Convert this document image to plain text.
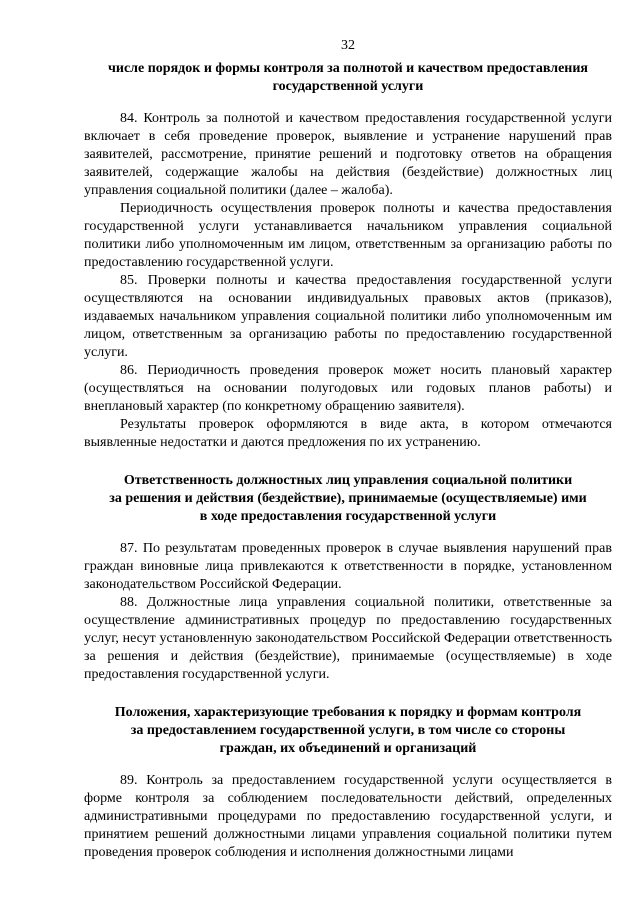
32
числе порядок и формы контроля за полнотой и качеством предоставления
государственной услуги

84. Контроль за полнотой и качеством предоставления государственной услуги включает в себя проведение проверок, выявление и устранение нарушений прав заявителей, рассмотрение, принятие решений и подготовку ответов на обращения заявителей, содержащие жалобы на действия (бездействие) должностных лиц управления социальной политики (далее – жалоба).

Периодичность осуществления проверок полноты и качества предоставления государственной услуги устанавливается начальником управления социальной политики либо уполномоченным им лицом, ответственным за организацию работы по предоставлению государственной услуги.

85. Проверки полноты и качества предоставления государственной услуги осуществляются на основании индивидуальных правовых актов (приказов), издаваемых начальником управления социальной политики либо уполномоченным им лицом, ответственным за организацию работы по предоставлению государственной услуги.

86. Периодичность проведения проверок может носить плановый характер (осуществляться на основании полугодовых или годовых планов работы) и внеплановый характер (по конкретному обращению заявителя).

Результаты проверок оформляются в виде акта, в котором отмечаются выявленные недостатки и даются предложения по их устранению.

Ответственность должностных лиц управления социальной политики
за решения и действия (бездействие), принимаемые (осуществляемые) ими
в ходе предоставления государственной услуги

87. По результатам проведенных проверок в случае выявления нарушений прав граждан виновные лица привлекаются к ответственности в порядке, установленном законодательством Российской Федерации.

88. Должностные лица управления социальной политики, ответственные за осуществление административных процедур по предоставлению государственных услуг, несут установленную законодательством Российской Федерации ответственность за решения и действия (бездействие), принимаемые (осуществляемые) в ходе предоставления государственной услуги.

Положения, характеризующие требования к порядку и формам контроля
за предоставлением государственной услуги, в том числе со стороны
граждан, их объединений и организаций

89. Контроль за предоставлением государственной услуги осуществляется в форме контроля за соблюдением последовательности действий, определенных административными процедурами по предоставлению государственной услуги, и принятием решений должностными лицами управления социальной политики путем проведения проверок соблюдения и исполнения должностными лицами
